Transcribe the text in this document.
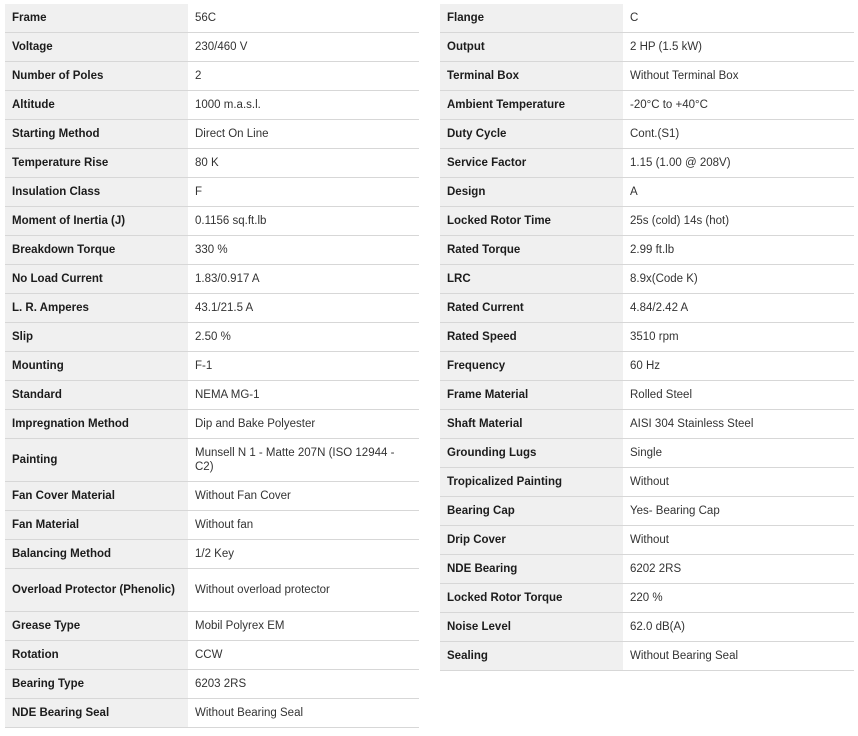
Frame	56C
Voltage	230/460 V
Number of Poles	2
Altitude	1000 m.a.s.l.
Starting Method	Direct On Line
Temperature Rise	80 K
Insulation Class	F
Moment of Inertia (J)	0.1156 sq.ft.lb
Breakdown Torque	330 %
No Load Current	1.83/0.917 A
L. R. Amperes	43.1/21.5 A
Slip	2.50 %
Mounting	F-1
Standard	NEMA MG-1
Impregnation Method	Dip and Bake Polyester
Painting	Munsell N 1 - Matte 207N (ISO 12944 - C2)
Fan Cover Material	Without Fan Cover
Fan Material	Without fan
Balancing Method	1/2 Key
Overload Protector (Phenolic)	Without overload protector
Grease Type	Mobil Polyrex EM
Rotation	CCW
Bearing Type	6203 2RS
NDE Bearing Seal	Without Bearing Seal
Flange	C
Output	2 HP (1.5 kW)
Terminal Box	Without Terminal Box
Ambient Temperature	-20°C to +40°C
Duty Cycle	Cont.(S1)
Service Factor	1.15 (1.00 @ 208V)
Design	A
Locked Rotor Time	25s (cold) 14s (hot)
Rated Torque	2.99 ft.lb
LRC	8.9x(Code K)
Rated Current	4.84/2.42 A
Rated Speed	3510 rpm
Frequency	60 Hz
Frame Material	Rolled Steel
Shaft Material	AISI 304 Stainless Steel
Grounding Lugs	Single
Tropicalized Painting	Without
Bearing Cap	Yes- Bearing Cap
Drip Cover	Without
NDE Bearing	6202 2RS
Locked Rotor Torque	220 %
Noise Level	62.0 dB(A)
Sealing	Without Bearing Seal
